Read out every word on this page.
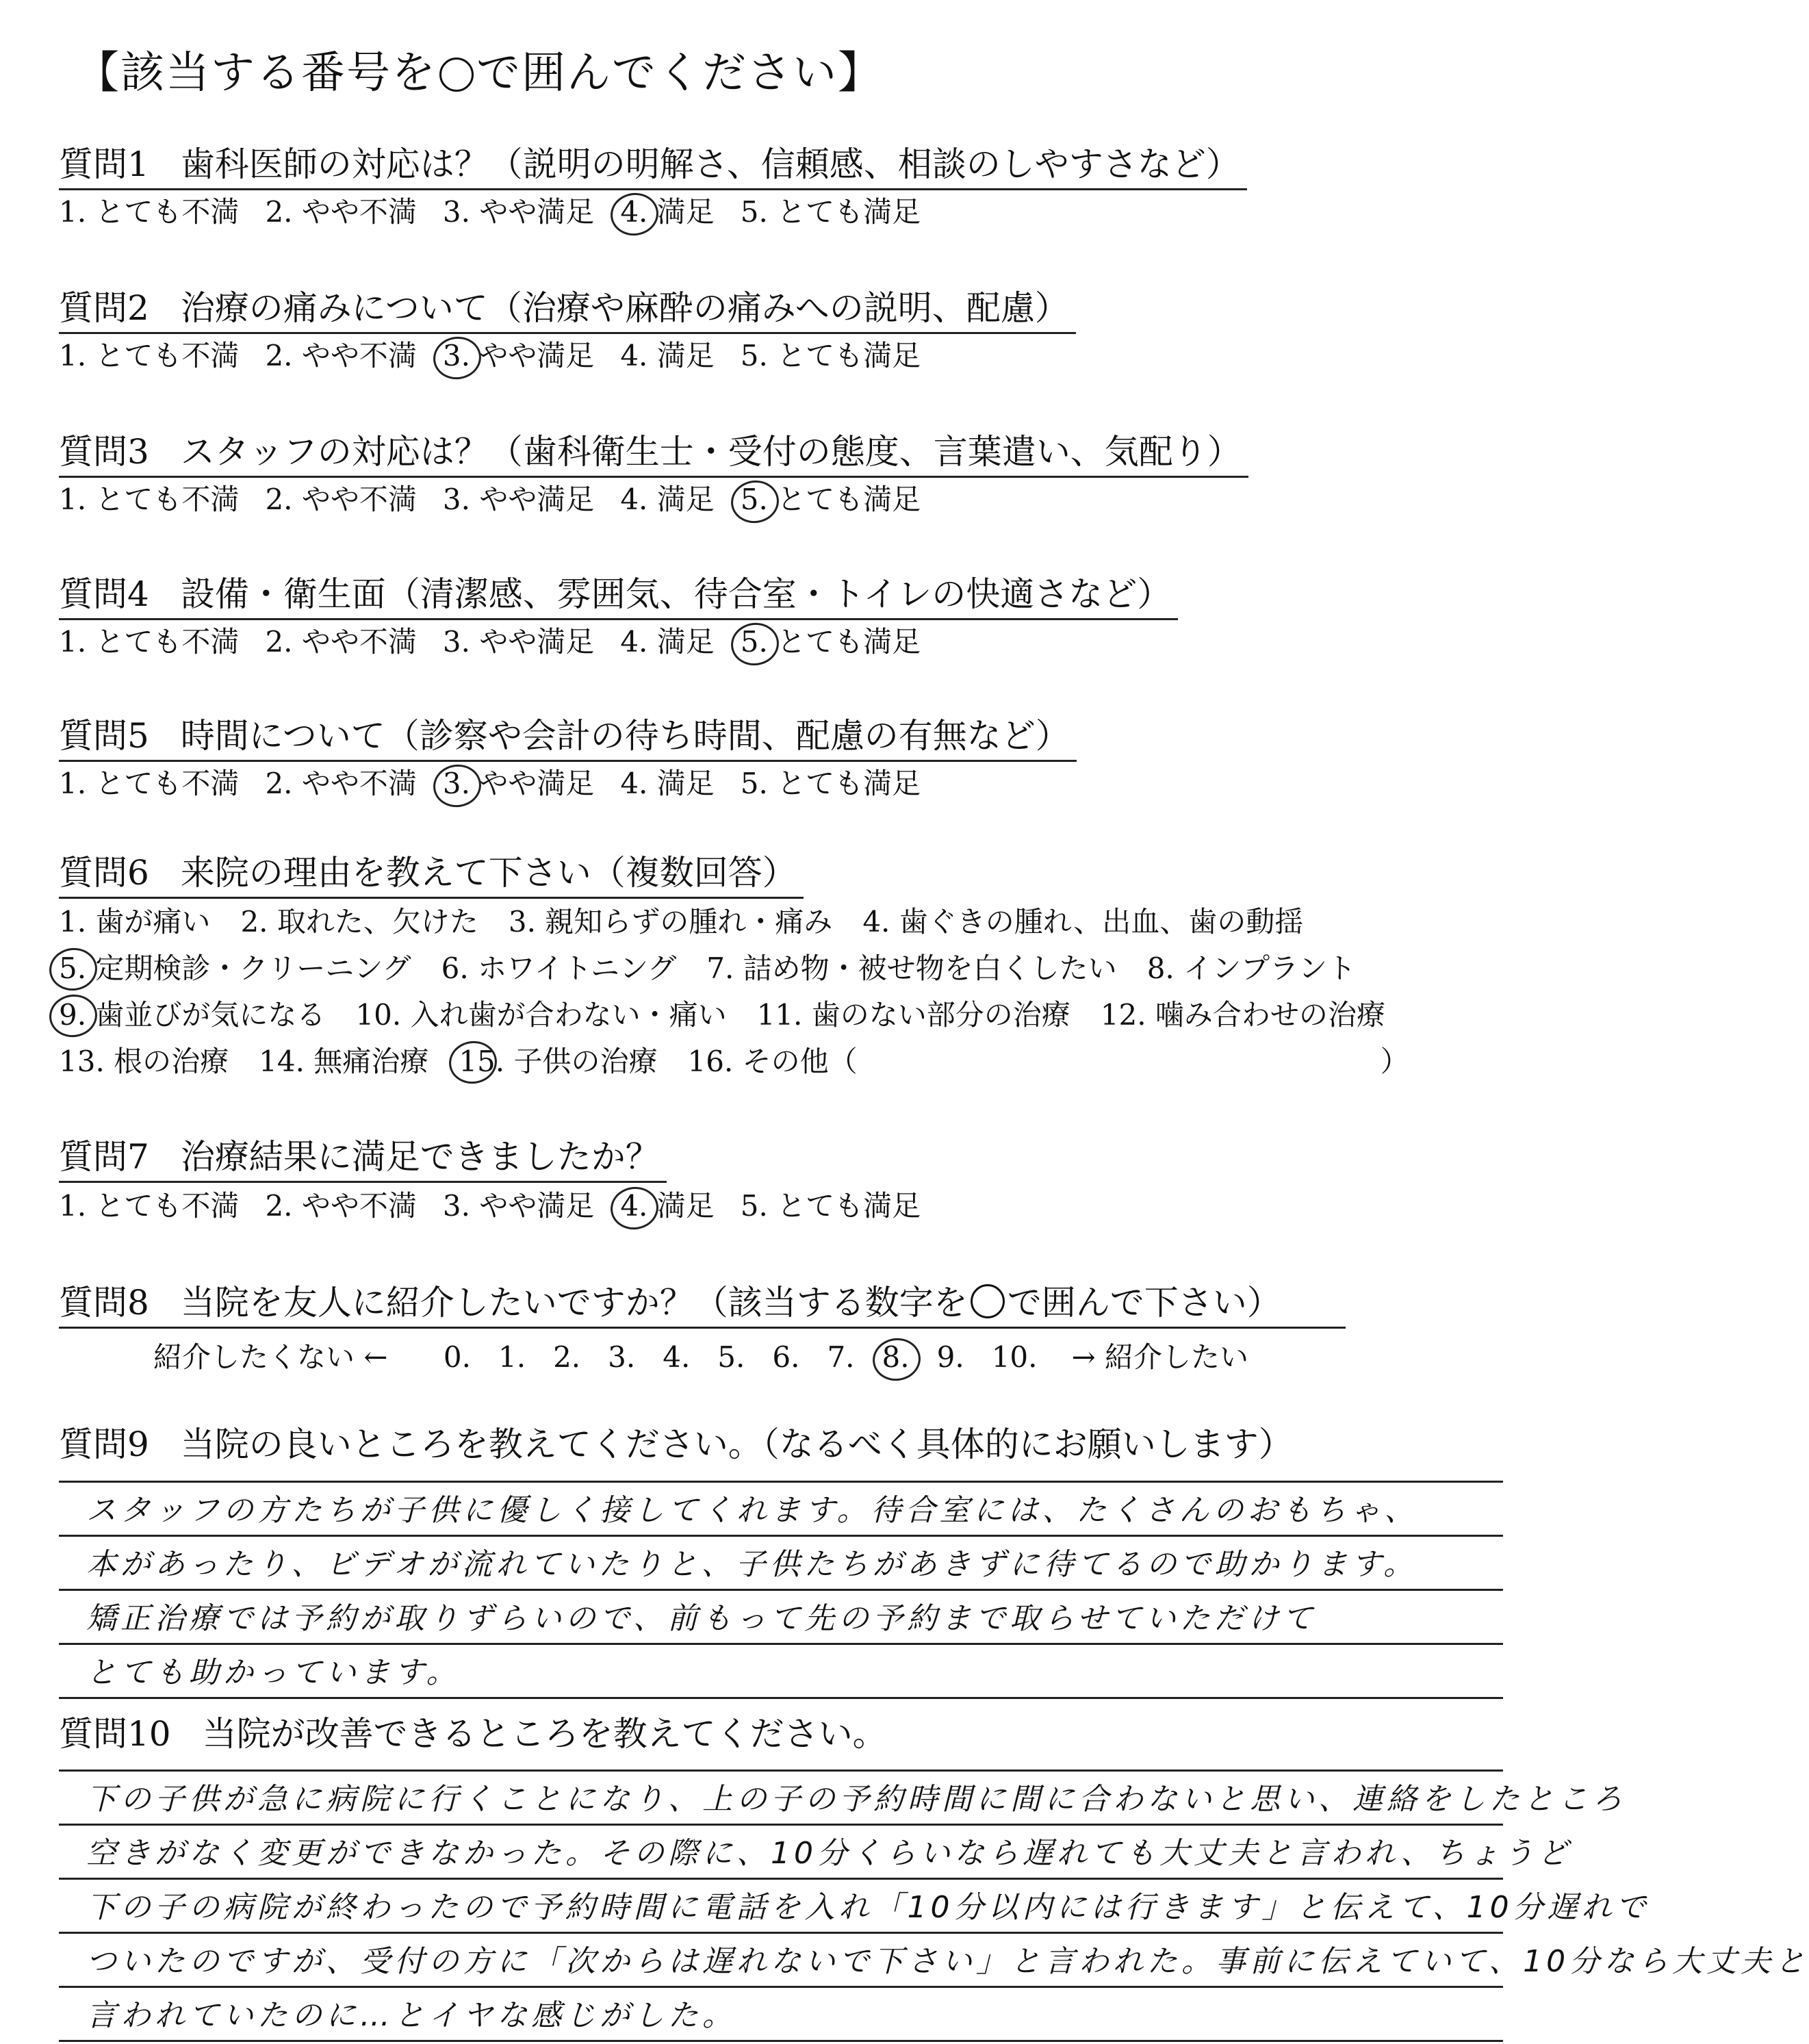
【該当する番号を で囲んでください】
質問1 歯科医師の対応は？（説明の明解さ、信頼感、相談のしやすさなど）
1. とても不満 2. やや不満 3. やや満足 4. 満足 5. とても満足
質問2 治療の痛みについて（治療や麻酔の痛みへの説明、配慮）
1. とても不満 2. やや不満 3. やや満足 4. 満足 5. とても満足
質問3 スタッフの対応は？（歯科衛生士・受付の態度、言葉遣い、気配り）
1. とても不満 2. やや不満 3. やや満足 4. 満足 5. とても満足
質問4 設備・衛生面（清潔感、雰囲気、待合室・トイレの快適さなど）
1. とても不満 2. やや不満 3. やや満足 4. 満足 5. とても満足
質問5 時間について（診察や会計の待ち時間、配慮の有無など）
1. とても不満 2. やや不満 3. やや満足 4. 満足 5. とても満足
質問6 来院の理由を教えて下さい（複数回答）
1. 歯が痛い 2. 取れた、欠けた 3. 親知らずの腫れ・痛み 4. 歯ぐきの腫れ、出血、歯の動揺
5. 定期検診・クリーニング 6. ホワイトニング 7. 詰め物・被せ物を白くしたい 8. インプラント
9. 歯並びが気になる 10. 入れ歯が合わない・痛い 11. 歯のない部分の治療 12. 噛み合わせの治療
13. 根の治療 14. 無痛治療 15. 子供の治療 16. その他（	）
質問7 治療結果に満足できましたか？
1. とても不満 2. やや不満 3. やや満足 4. 満足 5. とても満足
質問8 当院を友人に紹介したいですか？（該当する数字を で囲んで下さい）
紹介したくない ← 0. 1. 2. 3. 4. 5. 6. 7. 8. 9. 10. → 紹介したい
質問9 当院の良いところを教えてください。（なるべく具体的にお願いします）
スタッフの方たちが子供に優しく接してくれます。待合室には、たくさんのおもちゃ、
本があったり、ビデオが流れていたりと、子供たちがあきずに待てるので助かります。
矯正治療では予約が取りずらいので、前もって先の予約まで取らせていただけて
とても助かっています。
質問10 当院が改善できるところを教えてください。
下の子供が急に病院に行くことになり、上の子の予約時間に間に合わないと思い、連絡をしたところ
空きがなく変更ができなかった。その際に、10分くらいなら遅れても大丈夫と言われ、ちょうど
下の子の病院が終わったので予約時間に電話を入れ「10分以内には行きます」と伝えて、10分遅れで
ついたのですが、受付の方に「次からは遅れないで下さい」と言われた。事前に伝えていて、10分なら大丈夫と
言われていたのに…とイヤな感じがした。
